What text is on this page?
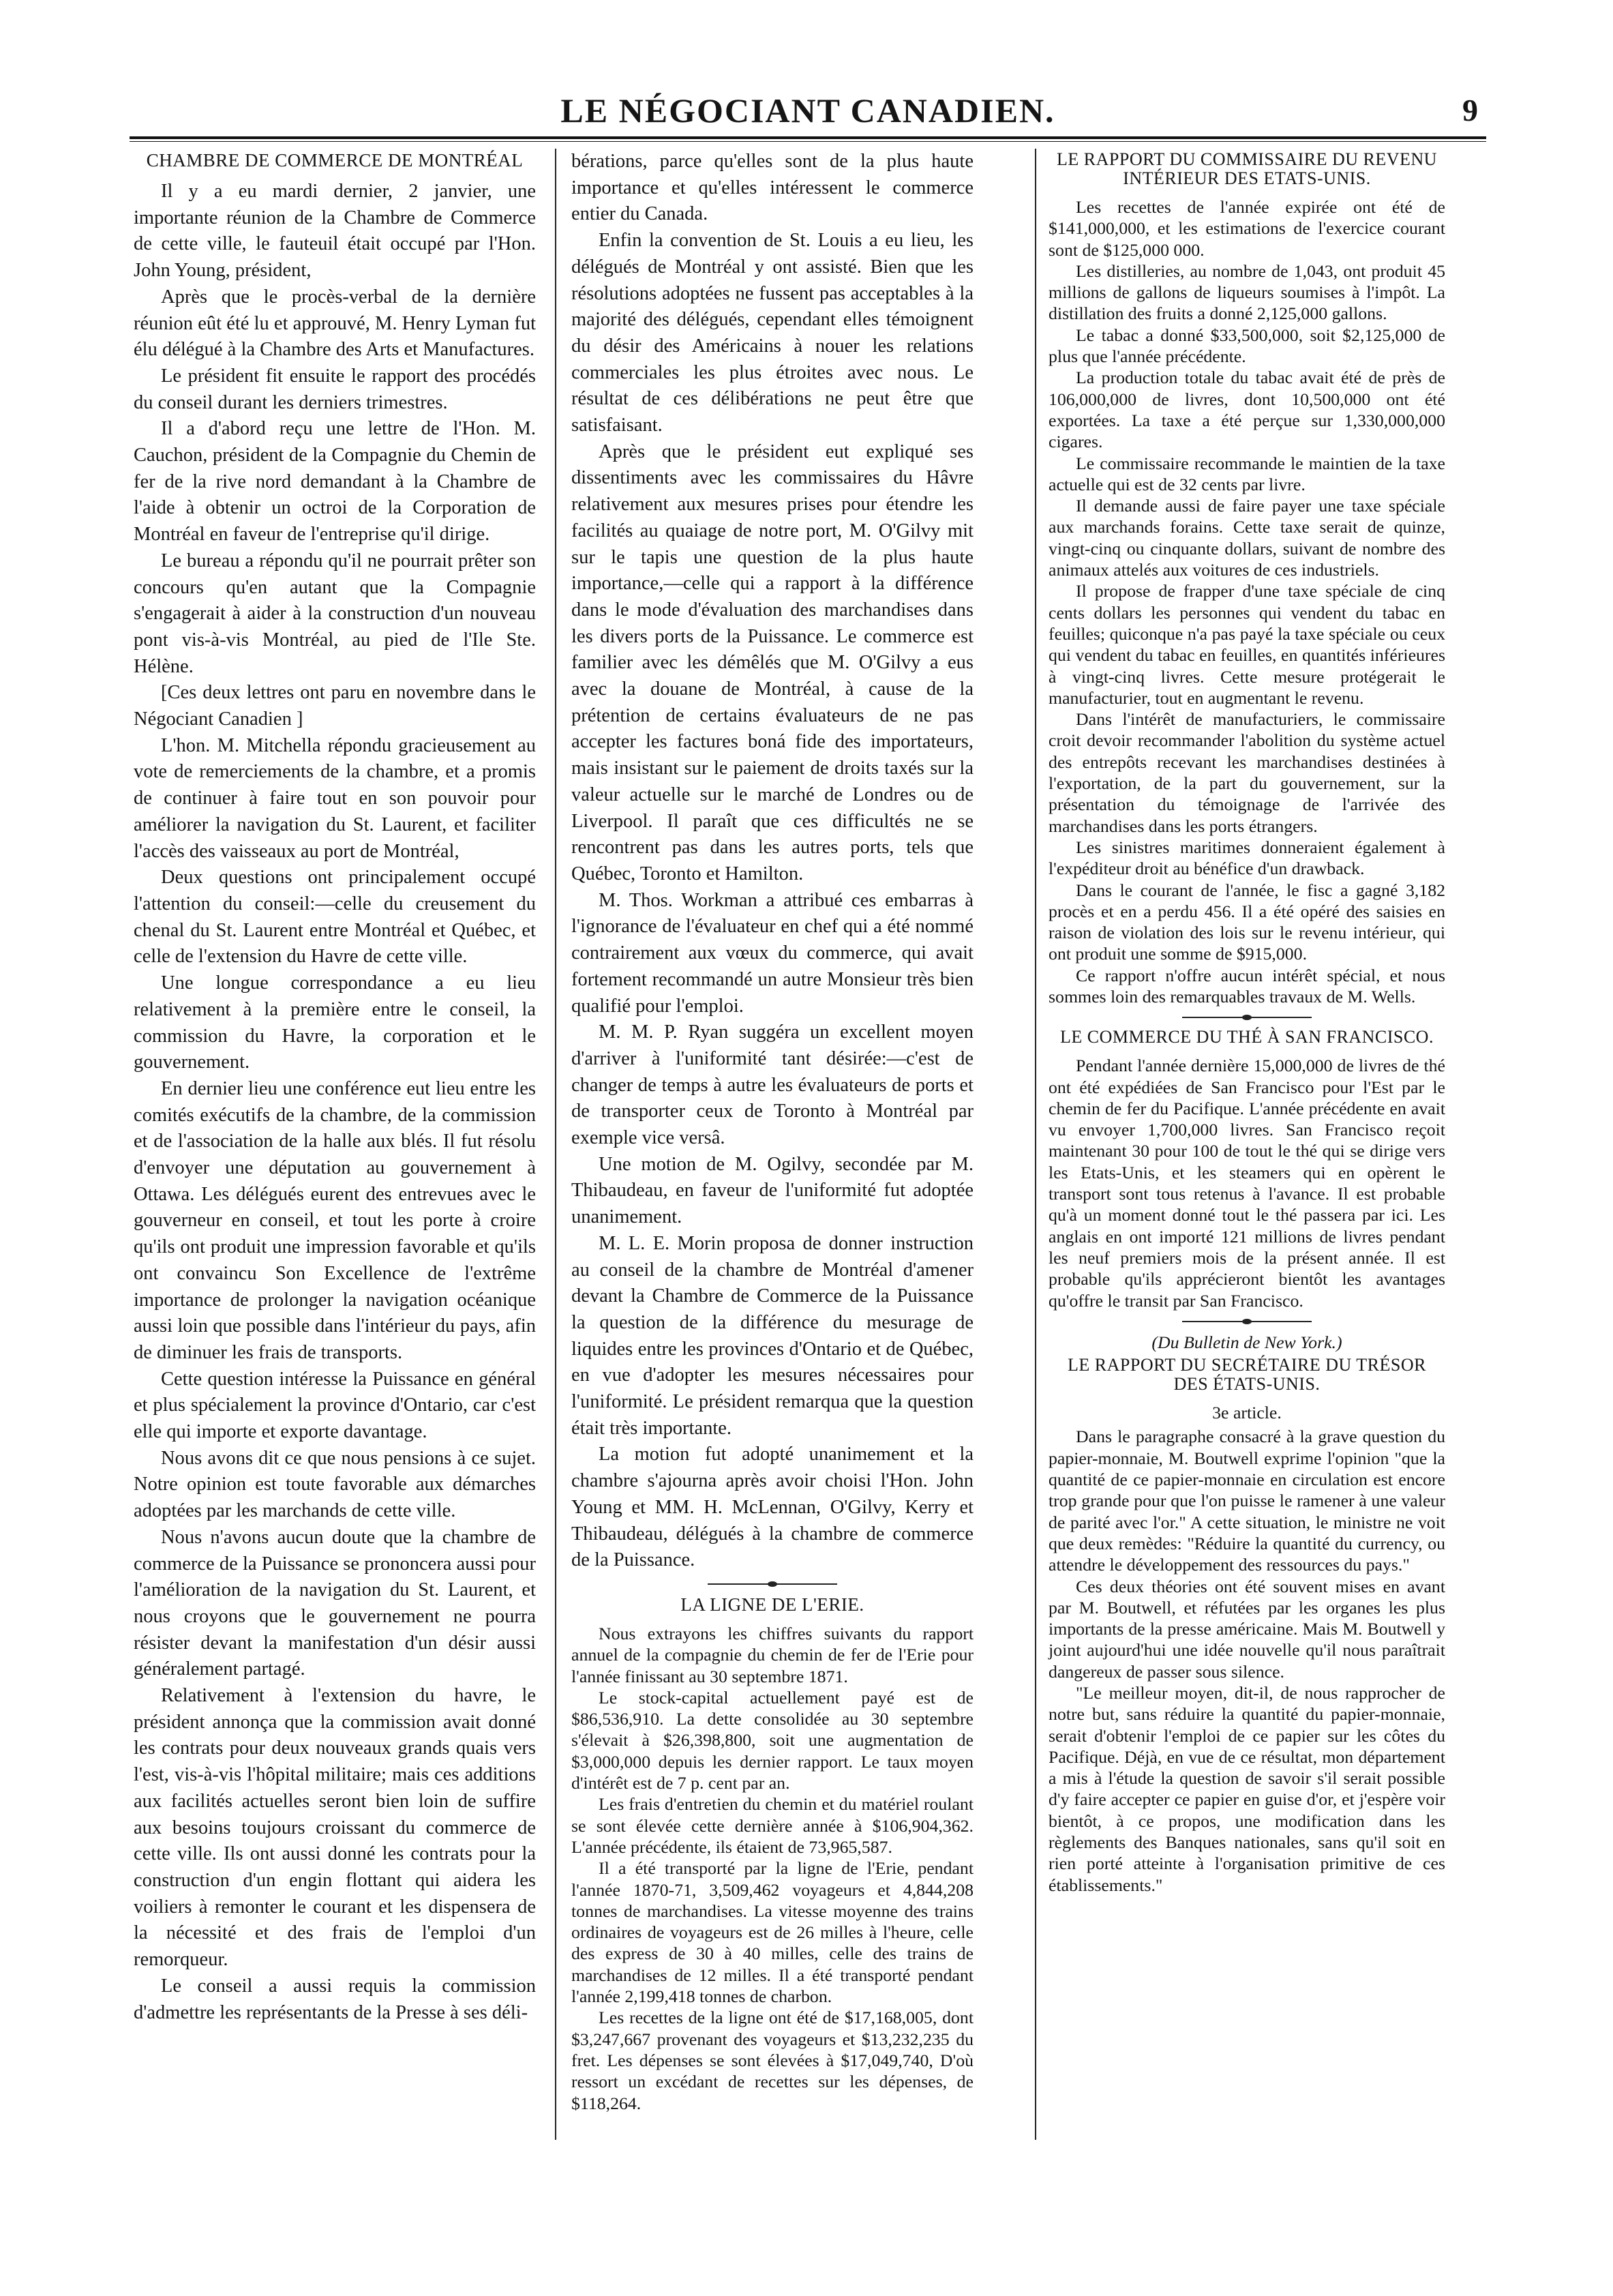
LE NÉGOCIANT CANADIEN.	9

CHAMBRE DE COMMERCE DE MONTRÉAL

Il y a eu mardi dernier, 2 janvier, une importante réunion de la Chambre de Commerce de cette ville, le fauteuil était occupé par l'Hon. John Young, président,

Après que le procès-verbal de la dernière réunion eût été lu et approuvé, M. Henry Lyman fut élu délégué à la Chambre des Arts et Manufactures.

Le président fit ensuite le rapport des procédés du conseil durant les derniers trimestres.

Il a d'abord reçu une lettre de l'Hon. M. Cauchon, président de la Compagnie du Chemin de fer de la rive nord demandant à la Chambre de l'aide à obtenir un octroi de la Corporation de Montréal en faveur de l'entreprise qu'il dirige.

Le bureau a répondu qu'il ne pourrait prêter son concours qu'en autant que la Compagnie s'engagerait à aider à la construction d'un nouveau pont vis-à-vis Montréal, au pied de l'Ile Ste. Hélène.

[Ces deux lettres ont paru en novembre dans le Négociant Canadien ]

L'hon. M. Mitchella répondu gracieusement au vote de remerciements de la chambre, et a promis de continuer à faire tout en son pouvoir pour améliorer la navigation du St. Laurent, et faciliter l'accès des vaisseaux au port de Montréal,

Deux questions ont principalement occupé l'attention du conseil:—celle du creusement du chenal du St. Laurent entre Montréal et Québec, et celle de l'extension du Havre de cette ville.

Une longue correspondance a eu lieu relativement à la première entre le conseil, la commission du Havre, la corporation et le gouvernement.

En dernier lieu une conférence eut lieu entre les comités exécutifs de la chambre, de la commission et de l'association de la halle aux blés. Il fut résolu d'envoyer une députation au gouvernement à Ottawa. Les délégués eurent des entrevues avec le gouverneur en conseil, et tout les porte à croire qu'ils ont produit une impression favorable et qu'ils ont convaincu Son Excellence de l'extrême importance de prolonger la navigation océanique aussi loin que possible dans l'intérieur du pays, afin de diminuer les frais de transports.

Cette question intéresse la Puissance en général et plus spécialement la province d'Ontario, car c'est elle qui importe et exporte davantage.

Nous avons dit ce que nous pensions à ce sujet. Notre opinion est toute favorable aux démarches adoptées par les marchands de cette ville.

Nous n'avons aucun doute que la chambre de commerce de la Puissance se prononcera aussi pour l'amélioration de la navigation du St. Laurent, et nous croyons que le gouvernement ne pourra résister devant la manifestation d'un désir aussi généralement partagé.

Relativement à l'extension du havre, le président annonça que la commission avait donné les contrats pour deux nouveaux grands quais vers l'est, vis-à-vis l'hôpital militaire; mais ces additions aux facilités actuelles seront bien loin de suffire aux besoins toujours croissant du commerce de cette ville. Ils ont aussi donné les contrats pour la construction d'un engin flottant qui aidera les voiliers à remonter le courant et les dispensera de la nécessité et des frais de l'emploi d'un remorqueur.

Le conseil a aussi requis la commission d'admettre les représentants de la Presse à ses déli-

bérations, parce qu'elles sont de la plus haute importance et qu'elles intéressent le commerce entier du Canada.

Enfin la convention de St. Louis a eu lieu, les délégués de Montréal y ont assisté. Bien que les résolutions adoptées ne fussent pas acceptables à la majorité des délégués, cependant elles témoignent du désir des Américains à nouer les relations commerciales les plus étroites avec nous. Le résultat de ces délibérations ne peut être que satisfaisant.

Après que le président eut expliqué ses dissentiments avec les commissaires du Hâvre relativement aux mesures prises pour étendre les facilités au quaiage de notre port, M. O'Gilvy mit sur le tapis une question de la plus haute importance,—celle qui a rapport à la différence dans le mode d'évaluation des marchandises dans les divers ports de la Puissance. Le commerce est familier avec les démêlés que M. O'Gilvy a eus avec la douane de Montréal, à cause de la prétention de certains évaluateurs de ne pas accepter les factures boná fide des importateurs, mais insistant sur le paiement de droits taxés sur la valeur actuelle sur le marché de Londres ou de Liverpool. Il paraît que ces difficultés ne se rencontrent pas dans les autres ports, tels que Québec, Toronto et Hamilton.

M. Thos. Workman a attribué ces embarras à l'ignorance de l'évaluateur en chef qui a été nommé contrairement aux vœux du commerce, qui avait fortement recommandé un autre Monsieur très bien qualifié pour l'emploi.

M. M. P. Ryan suggéra un excellent moyen d'arriver à l'uniformité tant désirée:—c'est de changer de temps à autre les évaluateurs de ports et de transporter ceux de Toronto à Montréal par exemple vice versâ.

Une motion de M. Ogilvy, secondée par M. Thibaudeau, en faveur de l'uniformité fut adoptée unanimement.

M. L. E. Morin proposa de donner instruction au conseil de la chambre de Montréal d'amener devant la Chambre de Commerce de la Puissance la question de la différence du mesurage de liquides entre les provinces d'Ontario et de Québec, en vue d'adopter les mesures nécessaires pour l'uniformité. Le président remarqua que la question était très importante.

La motion fut adopté unanimement et la chambre s'ajourna après avoir choisi l'Hon. John Young et MM. H. McLennan, O'Gilvy, Kerry et Thibaudeau, délégués à la chambre de commerce de la Puissance.

LA LIGNE DE L'ERIE.

Nous extrayons les chiffres suivants du rapport annuel de la compagnie du chemin de fer de l'Erie pour l'année finissant au 30 septembre 1871.

Le stock-capital actuellement payé est de $86,536,910. La dette consolidée au 30 septembre s'élevait à $26,398,800, soit une augmentation de $3,000,000 depuis les dernier rapport. Le taux moyen d'intérêt est de 7 p. cent par an.

Les frais d'entretien du chemin et du matériel roulant se sont élevée cette dernière année à $106,904,362. L'année précédente, ils étaient de 73,965,587.

Il a été transporté par la ligne de l'Erie, pendant l'année 1870-71, 3,509,462 voyageurs et 4,844,208 tonnes de marchandises. La vitesse moyenne des trains ordinaires de voyageurs est de 26 milles à l'heure, celle des express de 30 à 40 milles, celle des trains de marchandises de 12 milles. Il a été transporté pendant l'année 2,199,418 tonnes de charbon.

Les recettes de la ligne ont été de $17,168,005, dont $3,247,667 provenant des voyageurs et $13,232,235 du fret. Les dépenses se sont élevées à $17,049,740, D'où ressort un excédant de recettes sur les dépenses, de $118,264.

LE RAPPORT DU COMMISSAIRE DU REVENU INTÉRIEUR DES ETATS-UNIS.

Les recettes de l'année expirée ont été de $141,000,000, et les estimations de l'exercice courant sont de $125,000 000.

Les distilleries, au nombre de 1,043, ont produit 45 millions de gallons de liqueurs soumises à l'impôt. La distillation des fruits a donné 2,125,000 gallons.

Le tabac a donné $33,500,000, soit $2,125,000 de plus que l'année précédente.

La production totale du tabac avait été de près de 106,000,000 de livres, dont 10,500,000 ont été exportées. La taxe a été perçue sur 1,330,000,000 cigares.

Le commissaire recommande le maintien de la taxe actuelle qui est de 32 cents par livre.

Il demande aussi de faire payer une taxe spéciale aux marchands forains. Cette taxe serait de quinze, vingt-cinq ou cinquante dollars, suivant de nombre des animaux attelés aux voitures de ces industriels.

Il propose de frapper d'une taxe spéciale de cinq cents dollars les personnes qui vendent du tabac en feuilles; quiconque n'a pas payé la taxe spéciale ou ceux qui vendent du tabac en feuilles, en quantités inférieures à vingt-cinq livres. Cette mesure protégerait le manufacturier, tout en augmentant le revenu.

Dans l'intérêt de manufacturiers, le commissaire croit devoir recommander l'abolition du système actuel des entrepôts recevant les marchandises destinées à l'exportation, de la part du gouvernement, sur la présentation du témoignage de l'arrivée des marchandises dans les ports étrangers.

Les sinistres maritimes donneraient également à l'expéditeur droit au bénéfice d'un drawback.

Dans le courant de l'année, le fisc a gagné 3,182 procès et en a perdu 456. Il a été opéré des saisies en raison de violation des lois sur le revenu intérieur, qui ont produit une somme de $915,000.

Ce rapport n'offre aucun intérêt spécial, et nous sommes loin des remarquables travaux de M. Wells.

LE COMMERCE DU THÉ À SAN FRANCISCO.

Pendant l'année dernière 15,000,000 de livres de thé ont été expédiées de San Francisco pour l'Est par le chemin de fer du Pacifique. L'année précédente en avait vu envoyer 1,700,000 livres. San Francisco reçoit maintenant 30 pour 100 de tout le thé qui se dirige vers les Etats-Unis, et les steamers qui en opèrent le transport sont tous retenus à l'avance. Il est probable qu'à un moment donné tout le thé passera par ici. Les anglais en ont importé 121 millions de livres pendant les neuf premiers mois de la présent année. Il est probable qu'ils apprécieront bientôt les avantages qu'offre le transit par San Francisco.

(Du Bulletin de New York.)

LE RAPPORT DU SECRÉTAIRE DU TRÉSOR DES ÉTATS-UNIS.

3e article.

Dans le paragraphe consacré à la grave question du papier-monnaie, M. Boutwell exprime l'opinion "que la quantité de ce papier-monnaie en circulation est encore trop grande pour que l'on puisse le ramener à une valeur de parité avec l'or." A cette situation, le ministre ne voit que deux remèdes: "Réduire la quantité du currency, ou attendre le développement des ressources du pays."

Ces deux théories ont été souvent mises en avant par M. Boutwell, et réfutées par les organes les plus importants de la presse américaine. Mais M. Boutwell y joint aujourd'hui une idée nouvelle qu'il nous paraîtrait dangereux de passer sous silence.

"Le meilleur moyen, dit-il, de nous rapprocher de notre but, sans réduire la quantité du papier-monnaie, serait d'obtenir l'emploi de ce papier sur les côtes du Pacifique. Déjà, en vue de ce résultat, mon département a mis à l'étude la question de savoir s'il serait possible d'y faire accepter ce papier en guise d'or, et j'espère voir bientôt, à ce propos, une modification dans les règlements des Banques nationales, sans qu'il soit en rien porté atteinte à l'organisation primitive de ces établissements."
